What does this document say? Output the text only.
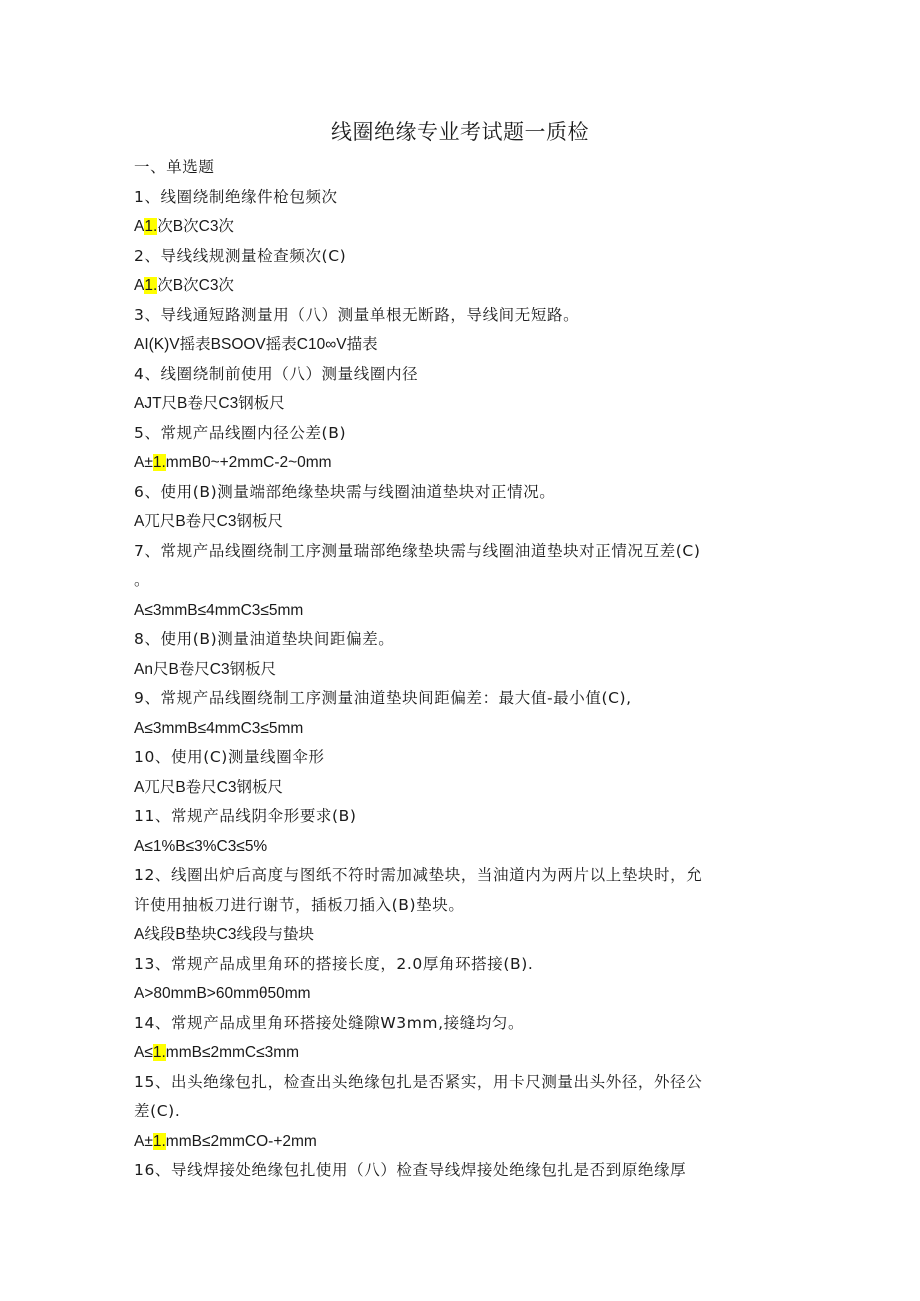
线圈绝缘专业考试题一质检
一、单选题
1、线圈绕制绝缘件枪包频次
A1.次B次C3次
2、导线线规测量检查频次(C)
A1.次B次C3次
3、导线通短路测量用（八）测量单根无断路，导线间无短路。
AI(K)V摇表BSOOV摇表C10∞V描表
4、线圈绕制前使用（八）测量线圈内径
AJT尺B卷尺C3钢板尺
5、常规产品线圈内径公差(B)
A±1.mmB0~+2mmC-2~0mm
6、使用(B)测量端部绝缘垫块需与线圈油道垫块对正情况。
A兀尺B卷尺C3钢板尺
7、常规产品线圈绕制工序测量瑞部绝缘垫块需与线圈油道垫块对正情况互差(C)
。
A≤3mmB≤4mmC3≤5mm
8、使用(B)测量油道垫块间距偏差。
An尺B卷尺C3钢板尺
9、常规产品线圈绕制工序测量油道垫块间距偏差：最大值-最小值(C),
A≤3mmB≤4mmC3≤5mm
10、使用(C)测量线圈伞形
A兀尺B卷尺C3钢板尺
11、常规产品线阴伞形要求(B)
A≤1%B≤3%C3≤5%
12、线圈出炉后高度与图纸不符时需加减垫块，当油道内为两片以上垫块时，允
许使用抽板刀进行谢节，插板刀插入(B)垫块。
A线段B垫块C3线段与蛰块
13、常规产品成里角环的搭接长度，2.0厚角环搭接(B).
A>80mmB>60mmθ50mm
14、常规产品成里角环搭接处缝隙W3mm,接缝均匀。
A≤1.mmB≤2mmC≤3mm
15、出头绝缘包扎，检查出头绝缘包扎是否紧实，用卡尺测量出头外径，外径公
差(C).
A±1.mmB≤2mmCO-+2mm
16、导线焊接处绝缘包扎使用（八）检查导线焊接处绝缘包扎是否到原绝缘厚
